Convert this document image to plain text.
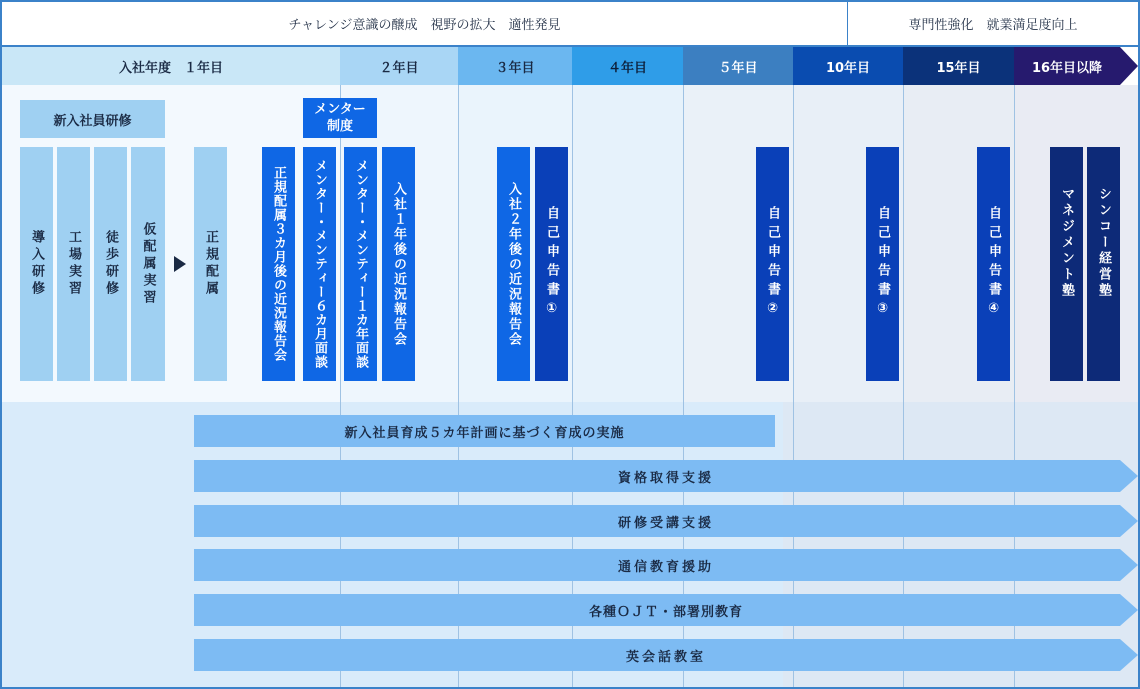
チャレンジ意識の醸成　視野の拡大　適性発見	専門性強化　就業満足度向上
入社年度　１年目	２年目	３年目	４年目	５年目	10年目	15年目	16年目以降
新入社員研修
メンター制度
導入研修 工場実習 徒歩研修 仮配属実習	正規配属	正規配属３カ月後の近況報告会 メンター・メンティー６カ月面談 メンター・メンティー１カ年面談 入社１年後の近況報告会	入社２年後の近況報告会 自己申告書①	自己申告書②	自己申告書③	自己申告書④	マネジメント塾 シンコー経営塾
新入社員育成５カ年計画に基づく育成の実施
資格取得支援
研修受講支援
通信教育援助
各種ＯＪＴ・部署別教育
英会話教室
